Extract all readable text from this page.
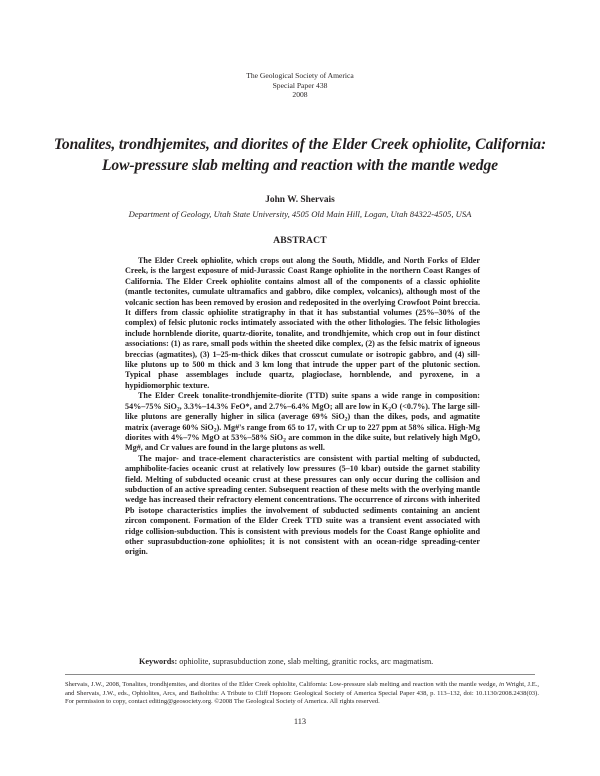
The Geological Society of America
Special Paper 438
2008
Tonalites, trondhjemites, and diorites of the Elder Creek ophiolite, California: Low-pressure slab melting and reaction with the mantle wedge
John W. Shervais
Department of Geology, Utah State University, 4505 Old Main Hill, Logan, Utah 84322-4505, USA
ABSTRACT

The Elder Creek ophiolite, which crops out along the South, Middle, and North Forks of Elder Creek, is the largest exposure of mid-Jurassic Coast Range ophiolite in the northern Coast Ranges of California. The Elder Creek ophiolite contains almost all of the components of a classic ophiolite (mantle tectonites, cumulate ultramafics and gabbro, dike complex, volcanics), although most of the volcanic section has been removed by erosion and redeposited in the overlying Crowfoot Point breccia. It differs from classic ophiolite stratigraphy in that it has substantial volumes (25%–30% of the complex) of felsic plutonic rocks intimately associated with the other lithologies. The felsic lithologies include hornblende diorite, quartz-diorite, tonalite, and trondhjemite, which crop out in four distinct associations: (1) as rare, small pods within the sheeted dike complex, (2) as the felsic matrix of igneous breccias (agmatites), (3) 1–25-m-thick dikes that crosscut cumulate or isotropic gabbro, and (4) sill-like plutons up to 500 m thick and 3 km long that intrude the upper part of the plutonic section. Typical phase assemblages include quartz, plagioclase, hornblende, and pyroxene, in a hypidiomorphic texture.

The Elder Creek tonalite-trondhjemite-diorite (TTD) suite spans a wide range in composition: 54%–75% SiO$_2$, 3.3%–14.3% FeO*, and 2.7%–6.4% MgO; all are low in $K_2O$ (<0.7%). The large sill-like plutons are generally higher in silica (average 69% SiO$_2$) than the dikes, pods, and agmatite matrix (average 60% SiO$_2$). Mg#'s range from 65 to 17, with Cr up to 227 ppm at 58% silica. High-Mg diorites with 4%–7% MgO at 53%–58% SiO$_2$ are common in the dike suite, but relatively high MgO, Mg#, and Cr values are found in the large plutons as well.

The major- and trace-element characteristics are consistent with partial melting of subducted, amphibolite-facies oceanic crust at relatively low pressures (5–10 kbar) outside the garnet stability field. Melting of subducted oceanic crust at these pressures can only occur during the collision and subduction of an active spreading center. Subsequent reaction of these melts with the overlying mantle wedge has increased their refractory element concentrations. The occurrence of zircons with inherited Pb isotope characteristics implies the involvement of subducted sediments containing an ancient zircon component. Formation of the Elder Creek TTD suite was a transient event associated with ridge collision-subduction. This is consistent with previous models for the Coast Range ophiolite and other suprasubduction-zone ophiolites; it is not consistent with an ocean-ridge spreading-center origin.

Keywords: ophiolite, suprasubduction zone, slab melting, granitic rocks, arc magmatism.
Shervais, J.W., 2008, Tonalites, trondhjemites, and diorites of the Elder Creek ophiolite, California: Low-pressure slab melting and reaction with the mantle wedge, in Wright, J.E., and Shervais, J.W., eds., Ophiolites, Arcs, and Batholiths: A Tribute to Cliff Hopson: Geological Society of America Special Paper 438, p. 113–132, doi: 10.1130/2008.2438(03). For permission to copy, contact editing@geosociety.org. ©2008 The Geological Society of America. All rights reserved.
113
